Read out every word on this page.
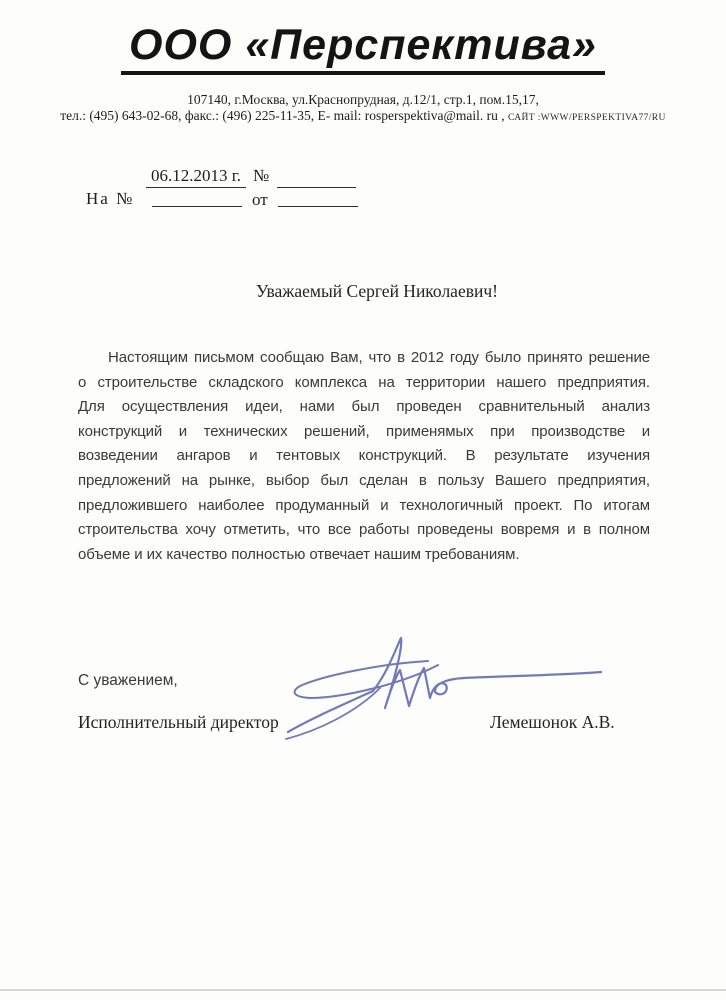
ООО «Перспектива»
107140, г.Москва, ул.Краснопрудная, д.12/1, стр.1, пом.15,17,
тел.: (495) 643-02-68, факс.: (496) 225-11-35, E- mail: rosperspektiva@mail. ru , САЙТ :WWW/PERSPEKTIVA77/RU
06.12.2013 г. №
На №	от
Уважаемый Сергей Николаевич!
Настоящим письмом сообщаю Вам, что в 2012 году было принято решение
о строительстве складского комплекса на территории нашего предприятия.
Для осуществления идеи, нами был проведен сравнительный анализ
конструкций и технических решений, применямых при производстве и
возведении ангаров и тентовых конструкций. В результате изучения
предложений на рынке, выбор был сделан в пользу Вашего предприятия,
предложившего наиболее продуманный и технологичный проект. По итогам
строительства хочу отметить, что все работы проведены вовремя и в полном
объеме и их качество полностью отвечает нашим требованиям.
С уважением,
Исполнительный директор	Лемешонок А.В.
